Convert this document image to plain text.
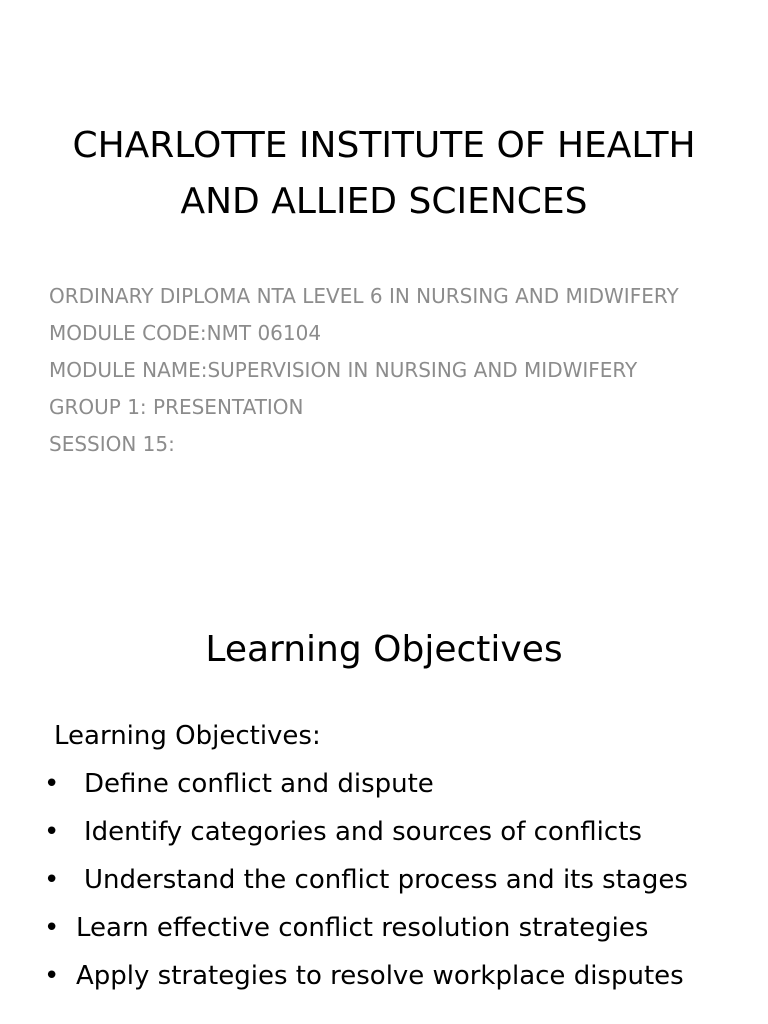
CHARLOTTE INSTITUTE OF HEALTH
AND ALLIED SCIENCES
ORDINARY DIPLOMA NTA LEVEL 6 IN NURSING AND MIDWIFERY
MODULE CODE:NMT 06104
MODULE NAME:SUPERVISION IN NURSING AND MIDWIFERY
GROUP 1: PRESENTATION
SESSION 15:
Learning Objectives

Learning Objectives:

• Define conflict and dispute
• Identify categories and sources of conflicts
• Understand the conflict process and its stages
• Learn effective conflict resolution strategies
• Apply strategies to resolve workplace disputes
